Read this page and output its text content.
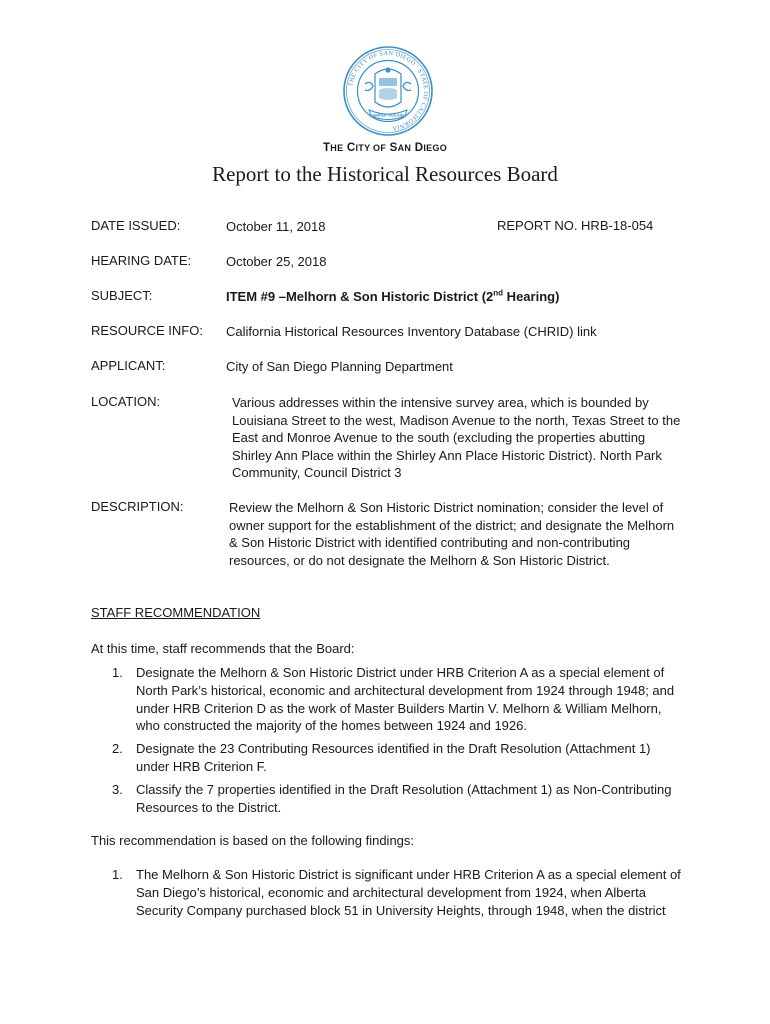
THE CITY OF SAN DIEGO · STATE OF CALIFORNIA ·
SEMPER VIGILANS
THE CITY OF SAN DIEGO
Report to the Historical Resources Board
DATE ISSUED:	October 11, 2018	REPORT NO. HRB-18-054
HEARING DATE:	October 25, 2018
SUBJECT:	ITEM #9 –Melhorn & Son Historic District (2nd Hearing)
RESOURCE INFO: California Historical Resources Inventory Database (CHRID) link
APPLICANT:	City of San Diego Planning Department
LOCATION:	Various addresses within the intensive survey area, which is bounded by Louisiana Street to the west, Madison Avenue to the north, Texas Street to the East and Monroe Avenue to the south (excluding the properties abutting Shirley Ann Place within the Shirley Ann Place Historic District). North Park Community, Council District 3
DESCRIPTION:	Review the Melhorn & Son Historic District nomination; consider the level of owner support for the establishment of the district; and designate the Melhorn & Son Historic District with identified contributing and non-contributing resources, or do not designate the Melhorn & Son Historic District.
STAFF RECOMMENDATION
At this time, staff recommends that the Board:
1. Designate the Melhorn & Son Historic District under HRB Criterion A as a special element of North Park’s historical, economic and architectural development from 1924 through 1948; and under HRB Criterion D as the work of Master Builders Martin V. Melhorn & William Melhorn, who constructed the majority of the homes between 1924 and 1926.
2. Designate the 23 Contributing Resources identified in the Draft Resolution (Attachment 1) under HRB Criterion F.
3. Classify the 7 properties identified in the Draft Resolution (Attachment 1) as Non-Contributing Resources to the District.
This recommendation is based on the following findings:
1. The Melhorn & Son Historic District is significant under HRB Criterion A as a special element of San Diego’s historical, economic and architectural development from 1924, when Alberta Security Company purchased block 51 in University Heights, through 1948, when the district
